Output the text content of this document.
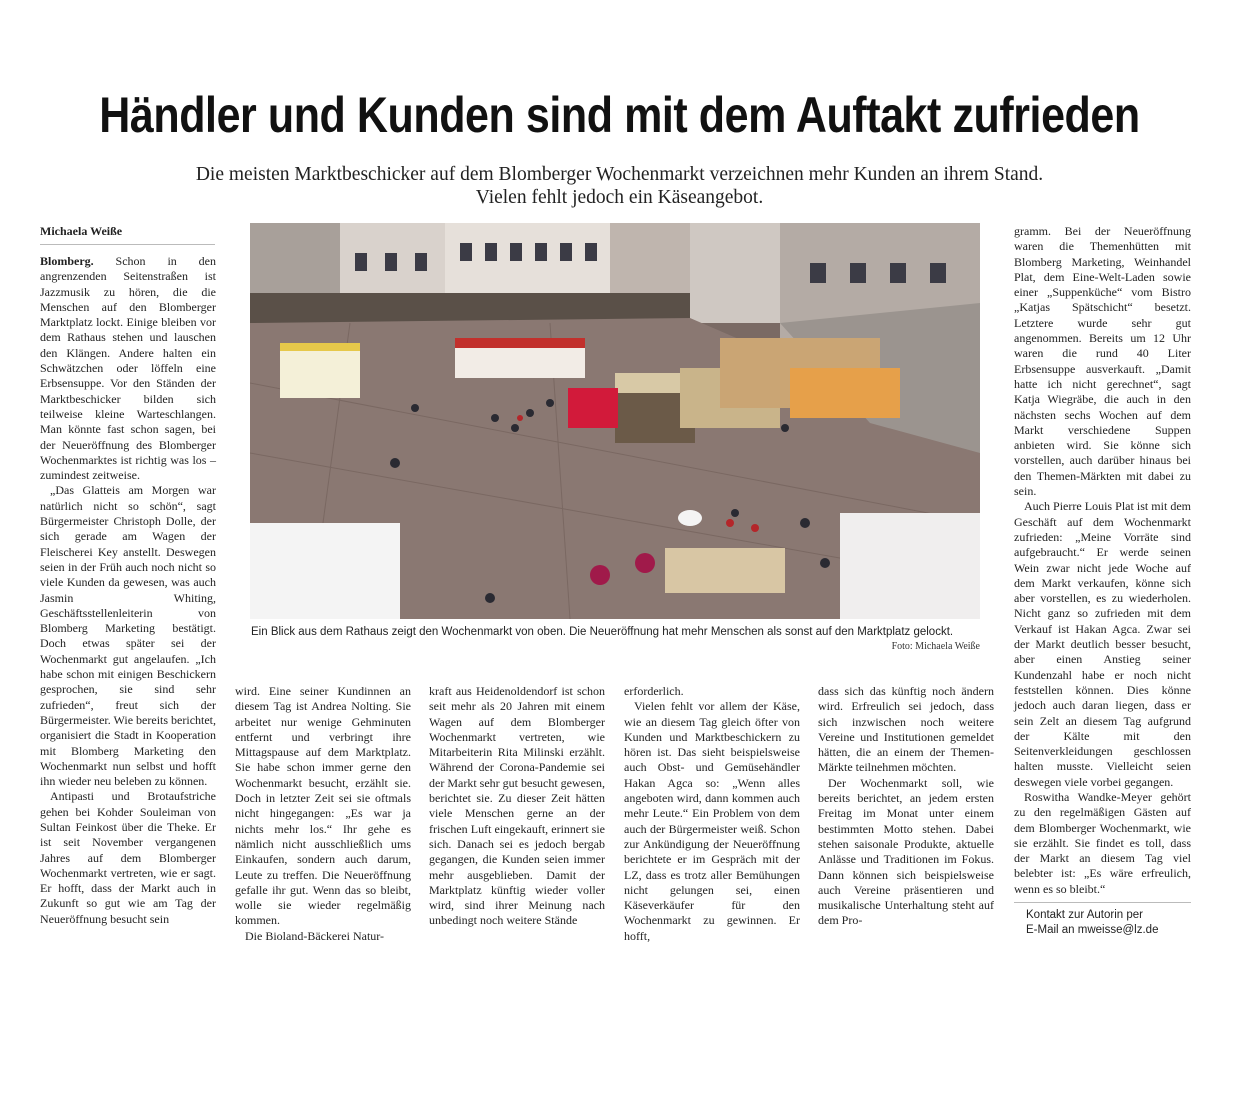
Händler und Kunden sind mit dem Auftakt zufrieden
Die meisten Marktbeschicker auf dem Blomberger Wochenmarkt verzeichnen mehr Kunden an ihrem Stand.
Vielen fehlt jedoch ein Käseangebot.
Michaela Weiße

Blomberg. Schon in den angrenzenden Seitenstraßen ist Jazzmusik zu hören, die die Menschen auf den Blomberger Marktplatz lockt. Einige bleiben vor dem Rathaus stehen und lauschen den Klängen. Andere halten ein Schwätzchen oder löffeln eine Erbsensuppe. Vor den Ständen der Marktbeschicker bilden sich teilweise kleine Warteschlangen. Man könnte fast schon sagen, bei der Neueröffnung des Blomberger Wochenmarktes ist richtig was los – zumindest zeitweise.

„Das Glatteis am Morgen war natürlich nicht so schön“, sagt Bürgermeister Christoph Dolle, der sich gerade am Wagen der Fleischerei Key anstellt. Deswegen seien in der Früh auch noch nicht so viele Kunden da gewesen, was auch Jasmin Whiting, Geschäftsstellenleiterin von Blomberg Marketing bestätigt. Doch etwas später sei der Wochenmarkt gut angelaufen. „Ich habe schon mit einigen Beschickern gesprochen, sie sind sehr zufrieden“, freut sich der Bürgermeister. Wie bereits berichtet, organisiert die Stadt in Kooperation mit Blomberg Marketing den Wochenmarkt nun selbst und hofft ihn wieder neu beleben zu können.

Antipasti und Brotaufstriche gehen bei Kohder Souleiman von Sultan Feinkost über die Theke. Er ist seit November vergangenen Jahres auf dem Blomberger Wochenmarkt vertreten, wie er sagt. Er hofft, dass der Markt auch in Zukunft so gut wie am Tag der Neueröffnung besucht sein

Ein Blick aus dem Rathaus zeigt den Wochenmarkt von oben. Die Neueröffnung hat mehr Menschen als sonst auf den Marktplatz gelockt.
Foto: Michaela Weiße

wird. Eine seiner Kundinnen an diesem Tag ist Andrea Nolting. Sie arbeitet nur wenige Gehminuten entfernt und verbringt ihre Mittagspause auf dem Marktplatz. Sie habe schon immer gerne den Wochenmarkt besucht, erzählt sie. Doch in letzter Zeit sei sie oftmals nicht hingegangen: „Es war ja nichts mehr los.“ Ihr gehe es nämlich nicht ausschließlich ums Einkaufen, sondern auch darum, Leute zu treffen. Die Neueröffnung gefalle ihr gut. Wenn das so bleibt, wolle sie wieder regelmäßig kommen.

Die Bioland-Bäckerei Natur-

kraft aus Heidenoldendorf ist schon seit mehr als 20 Jahren mit einem Wagen auf dem Blomberger Wochenmarkt vertreten, wie Mitarbeiterin Rita Milinski erzählt. Während der Corona-Pandemie sei der Markt sehr gut besucht gewesen, berichtet sie. Zu dieser Zeit hätten viele Menschen gerne an der frischen Luft eingekauft, erinnert sie sich. Danach sei es jedoch bergab gegangen, die Kunden seien immer mehr ausgeblieben. Damit der Marktplatz künftig wieder voller wird, sind ihrer Meinung nach unbedingt noch weitere Stände

erforderlich.

Vielen fehlt vor allem der Käse, wie an diesem Tag gleich öfter von Kunden und Marktbeschickern zu hören ist. Das sieht beispielsweise auch Obst- und Gemüsehändler Hakan Agca so: „Wenn alles angeboten wird, dann kommen auch mehr Leute.“ Ein Problem von dem auch der Bürgermeister weiß. Schon zur Ankündigung der Neueröffnung berichtete er im Gespräch mit der LZ, dass es trotz aller Bemühungen nicht gelungen sei, einen Käseverkäufer für den Wochenmarkt zu gewinnen. Er hofft,

dass sich das künftig noch ändern wird. Erfreulich sei jedoch, dass sich inzwischen noch weitere Vereine und Institutionen gemeldet hätten, die an einem der Themen-Märkte teilnehmen möchten.

Der Wochenmarkt soll, wie bereits berichtet, an jedem ersten Freitag im Monat unter einem bestimmten Motto stehen. Dabei stehen saisonale Produkte, aktuelle Anlässe und Traditionen im Fokus. Dann können sich beispielsweise auch Vereine präsentieren und musikalische Unterhaltung steht auf dem Pro-

gramm. Bei der Neueröffnung waren die Themenhütten mit Blomberg Marketing, Weinhandel Plat, dem Eine-Welt-Laden sowie einer „Suppenküche“ vom Bistro „Katjas Spätschicht“ besetzt. Letztere wurde sehr gut angenommen. Bereits um 12 Uhr waren die rund 40 Liter Erbsensuppe ausverkauft. „Damit hatte ich nicht gerechnet“, sagt Katja Wiegräbe, die auch in den nächsten sechs Wochen auf dem Markt verschiedene Suppen anbieten wird. Sie könne sich vorstellen, auch darüber hinaus bei den Themen-Märkten mit dabei zu sein.

Auch Pierre Louis Plat ist mit dem Geschäft auf dem Wochenmarkt zufrieden: „Meine Vorräte sind aufgebraucht.“ Er werde seinen Wein zwar nicht jede Woche auf dem Markt verkaufen, könne sich aber vorstellen, es zu wiederholen. Nicht ganz so zufrieden mit dem Verkauf ist Hakan Agca. Zwar sei der Markt deutlich besser besucht, aber einen Anstieg seiner Kundenzahl habe er noch nicht feststellen können. Dies könne jedoch auch daran liegen, dass er sein Zelt an diesem Tag aufgrund der Kälte mit den Seitenverkleidungen geschlossen halten musste. Vielleicht seien deswegen viele vorbei gegangen.

Roswitha Wandke-Meyer gehört zu den regelmäßigen Gästen auf dem Blomberger Wochenmarkt, wie sie erzählt. Sie findet es toll, dass der Markt an diesem Tag viel belebter ist: „Es wäre erfreulich, wenn es so bleibt.“

Kontakt zur Autorin per
E-Mail an mweisse@lz.de
